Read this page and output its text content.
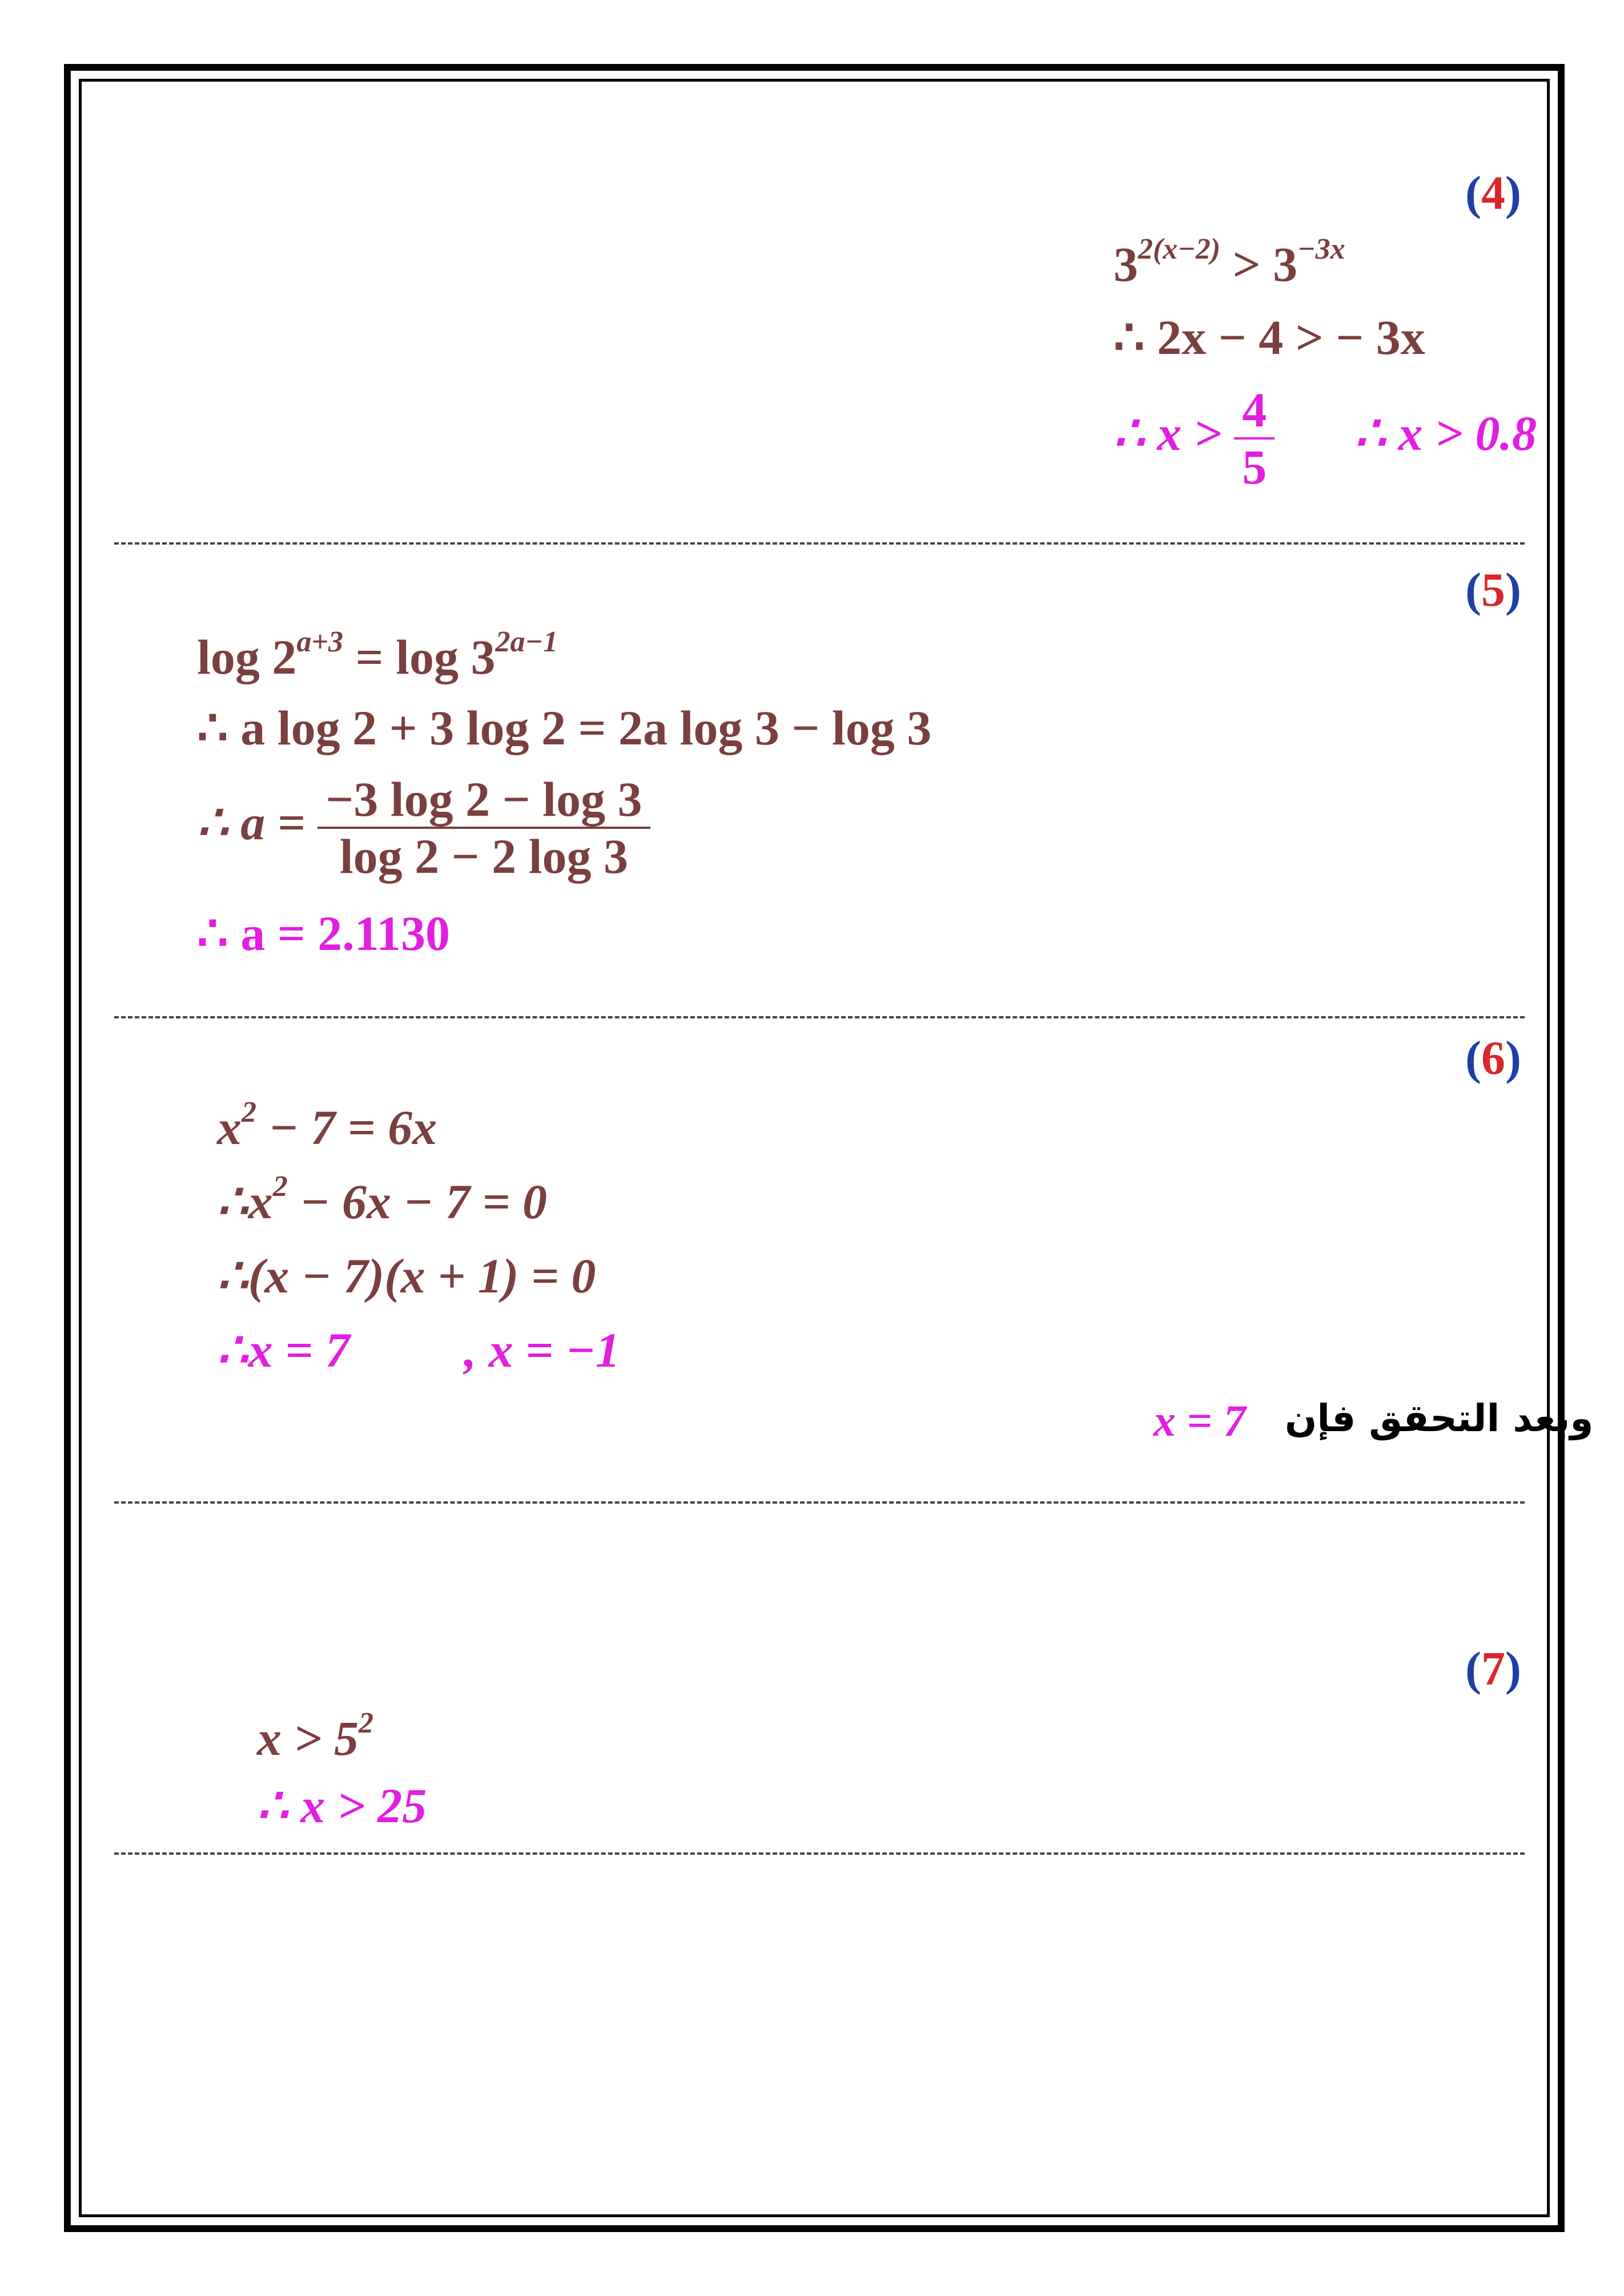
(4)
$3^{2(x-2)} > 3^{-3x}$
∴ 2x − 4 > − 3x
∴ $x > \frac{4}{5}$ ∴ x > 0.8
(5)
$\log 2^{a+3} = \log 3^{2a-1}$
∴ a log 2 + 3 log 2 = 2a log 3 − log 3
∴ $a = \frac{-3 \log 2 - \log 3}{\log 2 - 2 \log 3}$
∴ a = 2.1130
(6)
$x^2 - 7 = 6x$
$\therefore x^2 - 6x - 7 = 0$
∴(x − 7)(x + 1) = 0
∴x = 7 , x = −1
x = 7 وبعد التحقق فإن
(7)
$x > 5^2$
∴ x > 25
